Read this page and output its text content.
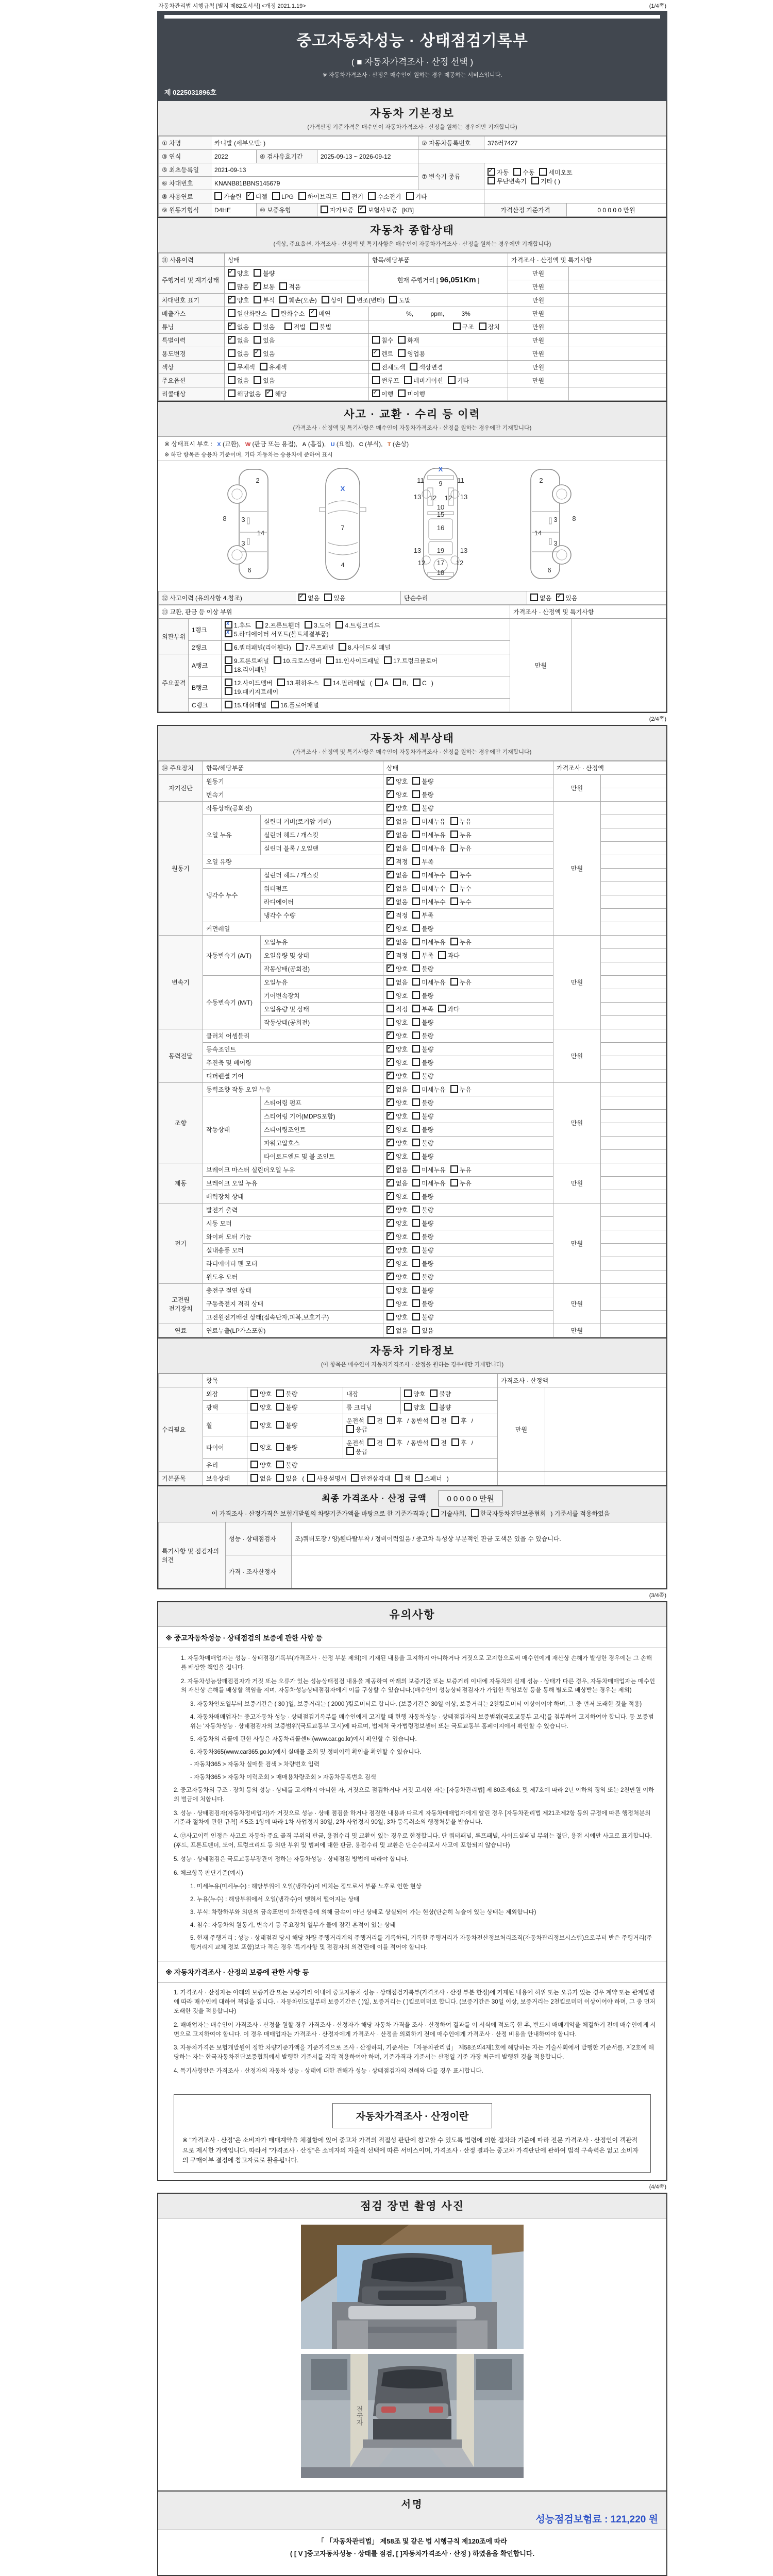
자동차관리법 시행규칙 [별지 제82호서식] <개정 2021.1.19>	(1/4쪽)
중고자동차성능 · 상태점검기록부
( ■ 자동차가격조사 · 산정 선택 )
※ 자동차가격조사 · 산정은 매수인이 원하는 경우 제공하는 서비스입니다.
제 0225031896호
자동차 기본정보
(가격산정 기준가격은 매수인이 자동차가격조사 · 산정을 원하는 경우에만 기재합니다)
① 차명	카니발 (세부모델: )			② 자동차등록번호	376러7427	
③ 연식	2022	④ 검사유효기간	2025-09-13 ~ 2026-09-12			
⑤ 최초등록일	2021-09-13			⑦ 변속기 종류	✓자동 수동 세미오토
무단변속기 기타 ( )
⑥ 차대번호	KNANB81BBNS145679					
⑧ 사용연료	가솔린 ✓ 디젤 LPG 하이브리드 전기 수소전기 기타	
⑨ 원동기형식	D4HE	⑩ 보증유형	자가보증 ✓ 보험사보증 [KB]		가격산정 기준가격	0 0 0 0 0 만원
자동차 종합상태
(색상, 주요옵션, 가격조사 · 산정액 및 특기사항은 매수인이 자동차가격조사 · 산정을 원하는 경우에만 기재합니다)
⑪ 사용이력	상태	항목/해당부품	가격조사 · 산정액 및 특기사항	
주행거리 및 계기상태	✓양호 불량	현재 주행거리 [ 96,051Km ]	만원	
	많음 ✓ 보통 적음		만원	
차대번호 표기	✓양호 부식 훼손(오손) 상이 변조(변타) 도말		만원	
배출가스	일산화탄소 탄화수소 ✓ 매연	%,          ppm,          3%	만원	
튜닝	✓없음 있음 적법 불법	구조 장치	만원	
특별이력	✓없음 있음	침수 화재	만원	
용도변경	없음 ✓ 있음	✓렌트 영업용	만원	
색상	무채색 유채색	전체도색 색상변경	만원	
주요옵션	없음 있음	썬루프 네비게이션 기타	만원	
리콜대상	해당없음 ✓ 해당	✓이행 미이행		
사고 · 교환 · 수리 등 이력
(가격조사 · 산정액 및 특기사항은 매수인이 자동차가격조사 · 산정을 원하는 경우에만 기재합니다)
※ 상태표시 부호 : X (교환), W (판금 또는 용접), A (흠집), U (요철), C (부식), T (손상)
※ 하단 항목은 승용차 기준이며, 기타 자동차는 승용차에 준하여 표시
2
8 3
14
3
6
X
7
4
X
11 9 11
13 12 12 13
10
15
16
13 19 13
12 17 12
18
2
8
3
14
3
6
⑫ 사고이력 (유의사항 4.참조)	✓없음 있음	단순수리	없음 ✓ 있음
⑬ 교환, 판금 등 이상 부위			가격조사 · 산정액 및 특기사항	
외판부위	1랭크	x1.후드 2.프론트휀더 3.도어 4.트렁크리드
x5.라디에이터 서포트(볼트체결부품)	만원	
	2랭크	6.쿼터패널(리어휀다) 7.루프패널 8.사이드실 패널		
주요골격	A랭크	9.프론트패널 10.크로스멤버 11.인사이드패널 17.트렁크플로어
18.리어패널		
	B랭크	12.사이드멤버 13.휠하우스 14.필러패널 ( A B, C )
19.패키지트레이		
	C랭크	15.대쉬패널 16.플로어패널		
(2/4쪽)
자동차 세부상태
(가격조사 · 산정액 및 특기사항은 매수인이 자동차가격조사 · 산정을 원하는 경우에만 기재합니다)
⑭ 주요장치	항목/해당부품		상태	가격조사 · 산정액	
자기진단	원동기	✓양호 불량	만원	
	변속기	✓양호 불량	
원동기	작동상태(공회전)	✓양호 불량	만원	
	오일 누유	실린더 커버(로커암 커버)	✓없음 미세누유 누유	
		실린더 헤드 / 개스킷	✓없음 미세누유 누유	
		실린더 블록 / 오일팬	✓없음 미세누유 누유	
	오일 유량	✓적정 부족	
	냉각수 누수	실린더 헤드 / 개스킷	✓없음 미세누수 누수	
		워터펌프	✓없음 미세누수 누수	
		라디에이터	✓없음 미세누수 누수	
		냉각수 수량	✓적정 부족	
	커먼레일	✓양호 불량	
변속기	자동변속기 (A/T)	오일누유	✓없음 미세누유 누유	만원	
		오일유량 및 상태	✓적정 부족 과다	
		작동상태(공회전)	✓양호 불량	
	수동변속기 (M/T)	오일누유	없음 미세누유 누유		
		기어변속장치	양호 불량		
		오일유량 및 상태	적정 부족 과다		
		작동상태(공회전)	양호 불량		
동력전달	클러치 어셈블리	✓양호 불량	만원	
	등속조인트	✓양호 불량	
	추진축 및 베어링	✓양호 불량	
	디퍼렌셜 기어	✓양호 불량	
조향	동력조향 작동 오일 누유	✓없음 미세누유 누유	만원	
	작동상태	스티어링 펌프	✓양호 불량	
		스티어링 기어(MDPS포함)	✓양호 불량	
		스티어링조인트	✓양호 불량	
		파워고압호스	✓양호 불량	
		타이로드엔드 및 볼 조인트	✓양호 불량	
제동	브레이크 마스터 실린더오일 누유	✓없음 미세누유 누유	만원	
	브레이크 오일 누유	✓없음 미세누유 누유	
	배력장치 상태	✓양호 불량	
전기	발전기 출력	✓양호 불량	만원	
	시동 모터	✓양호 불량	
	와이퍼 모터 기능	✓양호 불량	
	실내송풍 모터	✓양호 불량	
	라디에이터 팬 모터	✓양호 불량	
	윈도우 모터	✓양호 불량	
고전원 전기장치	충전구 절연 상태		양호 불량	만원	
	구동축전지 격리 상태		양호 불량		
	고전원전기배선 상태(접속단자,피복,보호기구)		양호 불량		
연료	연료누출(LP가스포함)	✓없음 있음	만원	
자동차 기타정보
(이 항목은 매수인이 자동차가격조사 · 산정을 원하는 경우에만 기재합니다)
	항목				가격조사 · 산정액	
수리필요	외장	양호 불량	내장	양호 불량	만원	
	광택	양호 불량	룸 크리닝	양호 불량		
	휠	양호 불량	운전석 전 후 / 동반석 전 후 /응급			
	타이어	양호 불량	운전석 전 후 / 동반석 전 후 /응급			
	유리	양호 불량				
기본품목	보유상태	없음 있음 ( 사용설명서 안전삼각대 잭 스패너 )				
최종 가격조사 · 산정 금액	0 0 0 0 0 만원
이 가격조사 · 산정가격은 보험개발원의 차량기준가액을 바탕으로 한 기준가격과 ( 기술사회, 한국자동차진단보증협회 ) 기준서를 적용하였음
특기사항 및 점검자의 의견	성능 · 상태점검자	조)쿼터도장 / 양)휀다탈부착 / 정비이력있음 / 중고차 특성상 부분적인 판금 도색은 있을 수 있습니다.
	가격 · 조사산정자	
(3/4쪽)
유의사항
※ 중고자동차성능 · 상태점검의 보증에 관한 사항 등
1. 자동차매매업자는 성능 · 상태점검기록부(가격조사 · 산정 부분 제외)에 기재된 내용을 고지하지 아니하거나 거짓으로 고지함으로써 매수인에게 재산상 손해가 발생한 경우에는 그 손해를 배상할 책임을 집니다.
2. 자동차성능상태점검자가 거짓 또는 오류가 있는 성능상태점검 내용을 제공하여 아래의 보증기간 또는 보증거리 이내에 자동차의 실제 성능 · 상태가 다른 경우, 자동차매매업자는 매수인의 재산상 손해를 배상할 책임을 지며, 자동차성능상태점검자에게 이를 구상할 수 있습니다.(매수인이 성능상태점검자가 가입한 책임보험 등을 통해 별도로 배상받는 경우는 제외)
3. 자동차인도일부터 보증기간은 ( 30 )일, 보증거리는 ( 2000 )킬로미터로 합니다. (보증기간은 30일 이상, 보증거리는 2천킬로미터 이상이어야 하며, 그 중 먼저 도래한 것을 적용)
4. 자동차매매업자는 중고자동차 성능 · 상태점검기록부를 매수인에게 고지할 때 현행 자동차성능 · 상태점검자의 보증범위(국토교통부 고시)를 첨부하여 고지하여야 합니다. 동 보증범위는 '자동차성능 · 상태점검자의 보증범위'(국토교통부 고시)에 따르며, 법제처 국가법령정보센터 또는 국토교통부 홈페이지에서 확인할 수 있습니다.
5. 자동차의 리콜에 관한 사항은 자동차리콜센터(www.car.go.kr)에서 확인할 수 있습니다.
6. 자동차365(www.car365.go.kr)에서 실매물 조회 및 정비이력 확인을 확인할 수 있습니다.
- 자동차365 > 자동차 실매물 검색 > 차량번호 입력
- 자동차365 > 자동차 이력조회 > 매매용차량조회 > 자동차등록번호 검색
2. 중고자동차의 구조 · 장치 등의 성능 · 상태를 고지하지 아니한 자, 거짓으로 점검하거나 거짓 고지한 자는 [자동차관리법] 제 80조제6호 및 제7호에 따라 2년 이하의 징역 또는 2천만원 이하의 벌금에 처합니다.
3. 성능 · 상태점검자(자동차정비업자)가 거짓으로 성능 · 상태 점검을 하거나 점검한 내용과 다르게 자동차매매업자에게 알린 경우 [자동차관리법 제21조제2항 등의 규정에 따른 행정처분의 기준과 절차에 관한 규칙] 제5조 1항에 따라 1차 사업정지 30일, 2차 사업정지 90일, 3차 등록취소의 행정처분을 받습니다.
4. ⑫사고이력 인정은 사고로 자동차 주요 골격 부위의 판금, 용접수리 및 교환이 있는 경우로 한정합니다. 단 쿼터패널, 루프패널, 사이드실패널 부위는 절단, 용접 시에만 사고로 표기합니다. (후드, 프론트펜더, 도어, 트렁크리드 등 외판 부위 및 범퍼에 대한 판금, 용접수리 및 교환은 단순수리로서 사고에 포함되지 않습니다)
5. 성능 · 상태점검은 국토교통부장관이 정하는 자동차성능 · 상태점검 방법에 따라야 합니다.
6. 체크항목 판단기준(예시)
1. 미세누유(미세누수) : 해당부위에 오일(냉각수)이 비치는 정도로서 부품 노후로 인한 현상
2. 누유(누수) : 해당부위에서 오일(냉각수)이 맺혀서 떨어지는 상태
3. 부식: 차량하부와 외판의 금속표면이 화학반응에 의해 금속이 아닌 상태로 상실되어 가는 현상(단순히 녹슬어 있는 상태는 제외합니다)
4. 침수: 자동차의 원동기, 변속기 등 주요장치 일부가 물에 잠긴 흔적이 있는 상태
5. 현재 주행거리 : 성능 · 상태점검 당시 해당 차량 주행거리계의 주행거리를 기록하되, 기록한 주행거리가 자동차전산정보처리조직(자동차관리정보시스템)으로부터 받은 주행거리(주행거리계 교체 정보 포함)보다 적은 경우 '특기사항 및 점검자의 의견'란에 이를 적어야 합니다.
※ 자동차가격조사 · 산정의 보증에 관한 사항 등
1. 가격조사 · 산정자는 아래의 보증기간 또는 보증거리 이내에 중고자동차 성능 · 상태점검기록부(가격조사 · 산정 부분 한정)에 기재된 내용에 허위 또는 오류가 있는 경우 계약 또는 관계법령에 따라 매수인에 대하여 책임을 집니다. · 자동차인도일부터 보증기간은 ( )일, 보증거리는 ( )킬로미터로 합니다. (보증기간은 30일 이상, 보증거리는 2천킬로미터 이상이어야 하며, 그 중 먼저 도래한 것을 적용합니다)
2. 매매업자는 매수인이 가격조사 · 산정을 원할 경우 가격조사 · 산정자가 해당 자동차 가격을 조사 · 산정하여 결과를 이 서식에 적도록 한 후, 반드시 매매계약을 체결하기 전에 매수인에게 서면으로 고지하여야 합니다. 이 경우 매매업자는 가격조사 · 산정자에게 가격조사 · 산정을 의뢰하기 전에 매수인에게 가격조사 · 산정 비용을 안내하여야 합니다.
3. 자동차가격은 보험개발원이 정한 차량기준가액을 기준가격으로 조사 · 산정하되, 기준서는 「자동차관리법」 제58조의4제1호에 해당하는 자는 기술사회에서 발행한 기준서를, 제2호에 해당하는 자는 한국자동차진단보증협회에서 발행한 기준서를 각각 적용하여야 하며, 기준가격과 기준서는 산정일 기준 가장 최근에 발행된 것을 적용합니다.
4. 특기사항란은 가격조사 · 산정자의 자동차 성능 · 상태에 대한 견해가 성능 · 상태점검자의 견해와 다를 경우 표시합니다.
자동차가격조사 · 산정이란
※ "가격조사 · 산정"은 소비자가 매매계약을 체결함에 있어 중고차 가격의 적절성 판단에 참고할 수 있도록 법령에 의한 절차와 기준에 따라 전문 가격조사 · 산정인이 객관적으로 제시한 가액입니다. 따라서 "가격조사 · 산정"은 소비자의 자율적 선택에 따른 서비스이며, 가격조사 · 산정 결과는 중고차 가격판단에 관하여 법적 구속력은 없고 소비자의 구매여부 결정에 참고자료로 활용됩니다.
(4/4쪽)
점검 장면 촬영 사진
전국자
서명
성능점검보험료 : 121,220 원
「 「자동차관리법」 제58조 및 같은 법 시행규칙 제120조에 따라
( [ V ]중고자동차성능 · 상태를 점검, [ ]자동차가격조사 · 산정 ) 하였음을 확인합니다.
